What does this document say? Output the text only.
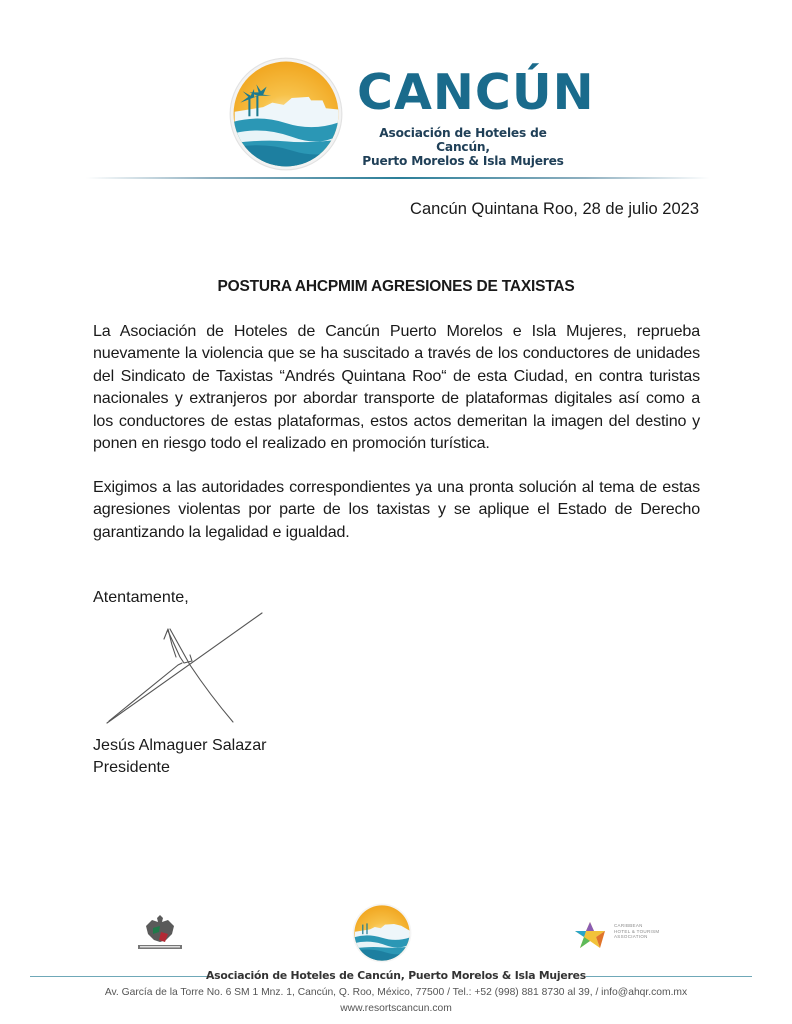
CANCÚN
Asociación de Hoteles de Cancún,
Puerto Morelos & Isla Mujeres
Cancún Quintana Roo, 28 de julio 2023
POSTURA AHCPMIM AGRESIONES DE TAXISTAS
La Asociación de Hoteles de Cancún Puerto Morelos e Isla Mujeres, reprueba nuevamente la violencia que se ha suscitado a través de los conductores de unidades del Sindicato de Taxistas “Andrés Quintana Roo“ de esta Ciudad, en contra turistas nacionales y extranjeros por abordar transporte de plataformas digitales así como a los conductores de estas plataformas, estos actos demeritan la imagen del destino y ponen en riesgo todo el realizado en promoción turística.
Exigimos a las autoridades correspondientes ya una pronta solución al tema de estas agresiones violentas por parte de los taxistas y se aplique el Estado de Derecho garantizando la legalidad e igualdad.
Atentamente,
Jesús Almaguer Salazar
Presidente
CARIBBEAN
HOTEL & TOURISM
ASSOCIATION
Asociación de Hoteles de Cancún, Puerto Morelos & Isla Mujeres
Av. García de la Torre No. 6 SM 1 Mnz. 1, Cancún, Q. Roo, México, 77500 / Tel.: +52 (998) 881 8730 al 39, / info@ahqr.com.mx
www.resortscancun.com
